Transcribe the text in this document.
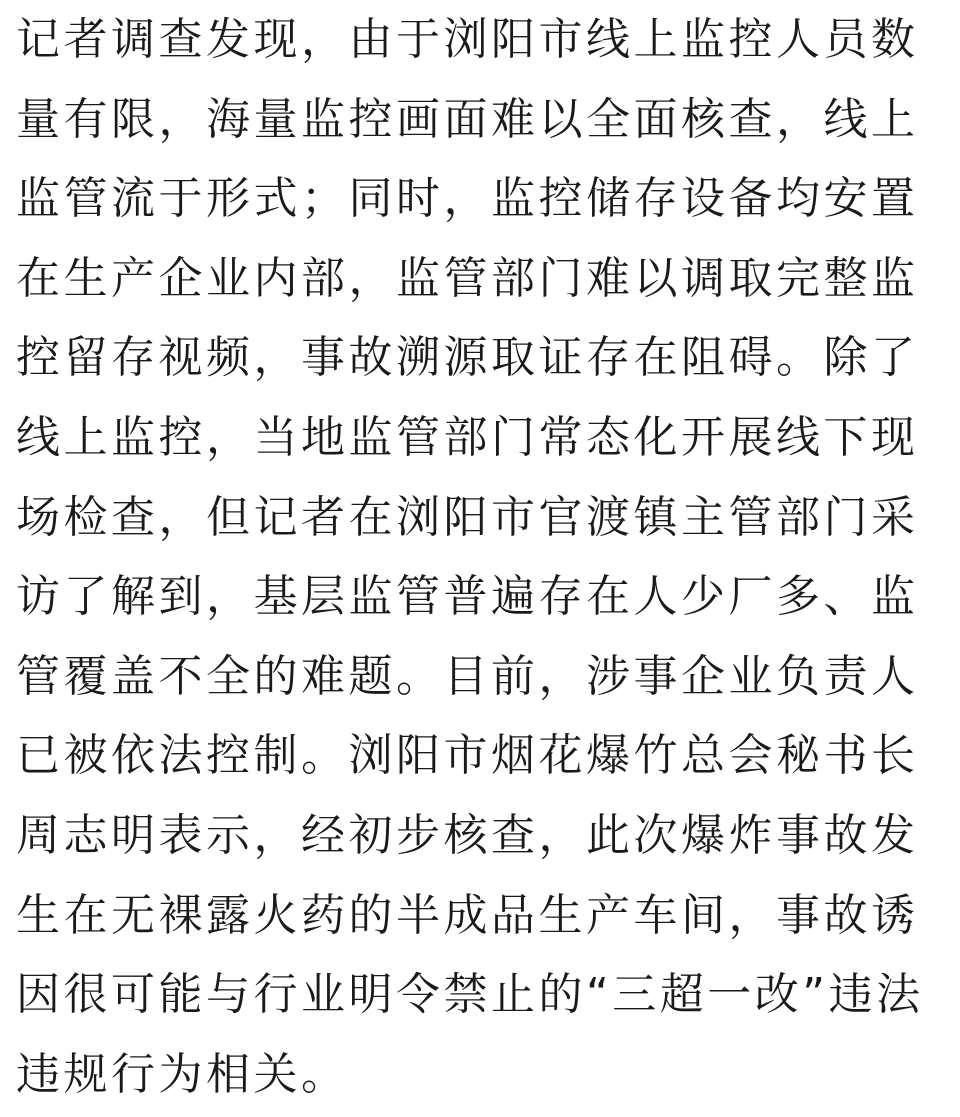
记者调查发现，由于浏阳市线上监控人员数
量有限，海量监控画面难以全面核查，线上
监管流于形式；同时，监控储存设备均安置
在生产企业内部，监管部门难以调取完整监
控留存视频，事故溯源取证存在阻碍。除了
线上监控，当地监管部门常态化开展线下现
场检查，但记者在浏阳市官渡镇主管部门采
访了解到，基层监管普遍存在人少厂多、监
管覆盖不全的难题。目前，涉事企业负责人
已被依法控制。浏阳市烟花爆竹总会秘书长
周志明表示，经初步核查，此次爆炸事故发
生在无裸露火药的半成品生产车间，事故诱
因很可能与行业明令禁止的“三超一改”违法
违规行为相关。
